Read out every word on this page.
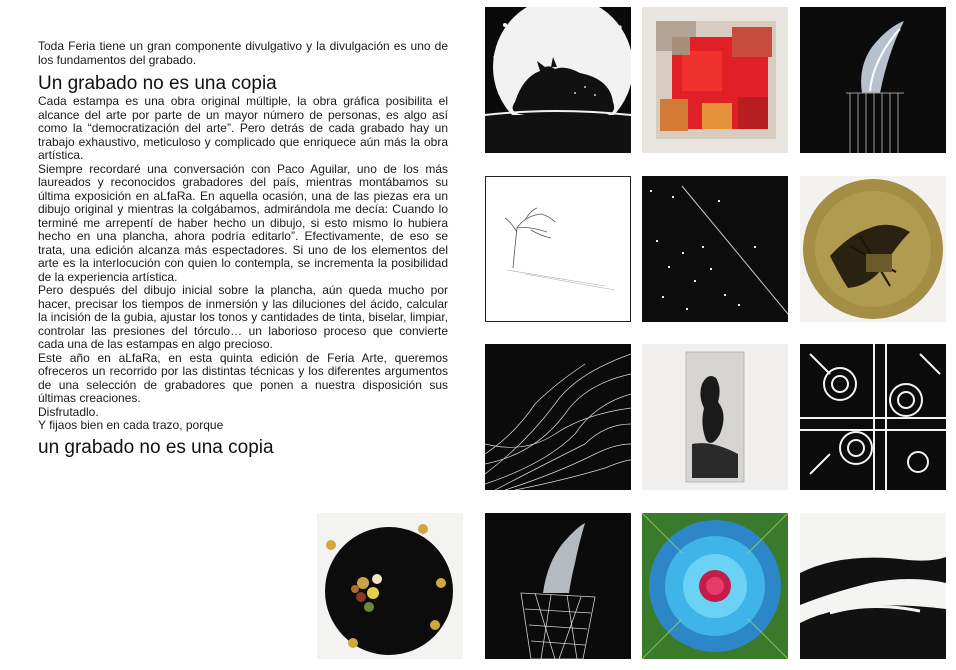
Toda Feria tiene un gran componente divulgativo y la divulgación es uno de los fundamentos del grabado.

Un grabado no es una copia

Cada estampa es una obra original múltiple, la obra gráfica posibilita el alcance del arte por parte de un mayor número de personas, es algo así como la “democratización del arte”. Pero detrás de cada grabado hay un trabajo exhaustivo, meticuloso y complicado que enriquece aún más la obra artística.

Siempre recordaré una conversación con Paco Aguilar, uno de los más laureados y reconocidos grabadores del país, mientras montábamos su última exposición en aLfaRa. En aquella ocasión, una de las piezas era un dibujo original y mientras la colgábamos, admirándola me decía: Cuando lo terminé me arrepentí de haber hecho un dibujo, si esto mismo lo hubiera hecho en una plancha, ahora podría editarlo”. Efectivamente, de eso se trata, una edición alcanza más espectadores. Si uno de los elementos del arte es la interlocución con quien lo contempla, se incrementa la posibilidad de la experiencia artística.

Pero después del dibujo inicial sobre la plancha, aún queda mucho por hacer, precisar los tiempos de inmersión y las diluciones del ácido, calcular la incisión de la gubia, ajustar los tonos y cantidades de tinta, biselar, limpiar, controlar las presiones del tórculo… un laborioso proceso que convierte cada una de las estampas en algo precioso.

Este año en aLfaRa, en esta quinta edición de Feria Arte, queremos ofreceros un recorrido por las distintas técnicas y los diferentes argumentos de una selección de grabadores que ponen a nuestra disposición sus últimas creaciones.

Disfrutadlo.

Y fijaos bien en cada trazo, porque

un grabado no es una copia
